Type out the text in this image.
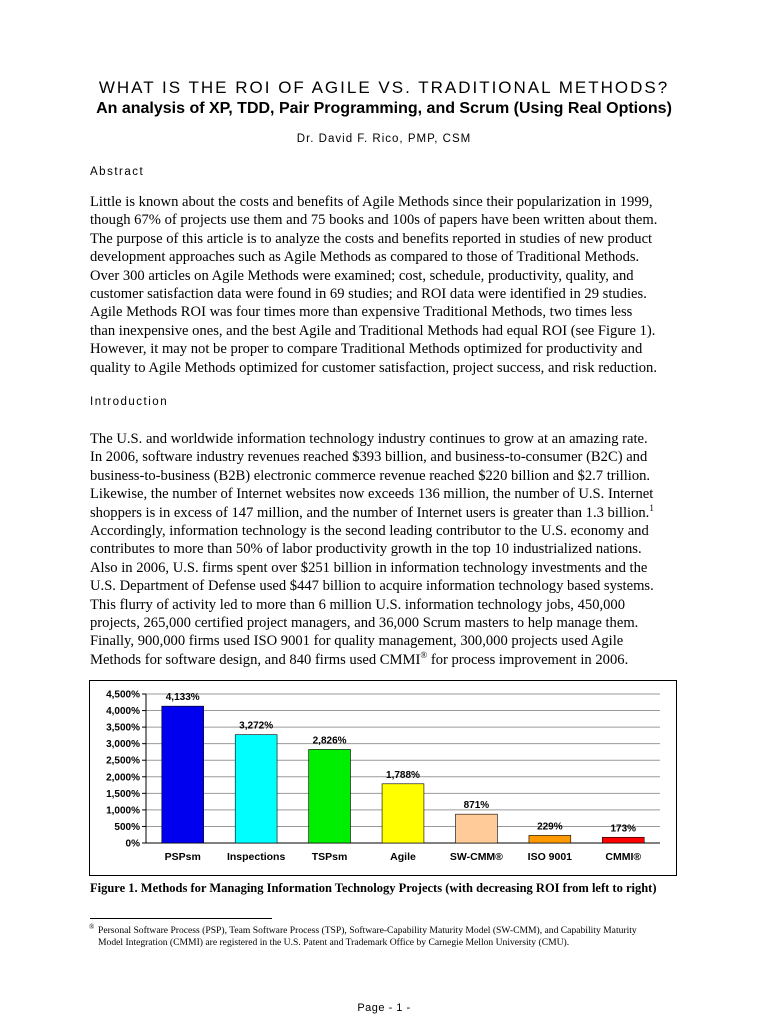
WHAT IS THE ROI OF AGILE VS. TRADITIONAL METHODS?
An analysis of XP, TDD, Pair Programming, and Scrum (Using Real Options)
Dr. David F. Rico, PMP, CSM
Abstract
Little is known about the costs and benefits of Agile Methods since their popularization in 1999,
though 67% of projects use them and 75 books and 100s of papers have been written about them.
The purpose of this article is to analyze the costs and benefits reported in studies of new product
development approaches such as Agile Methods as compared to those of Traditional Methods.
Over 300 articles on Agile Methods were examined; cost, schedule, productivity, quality, and
customer satisfaction data were found in 69 studies; and ROI data were identified in 29 studies.
Agile Methods ROI was four times more than expensive Traditional Methods, two times less
than inexpensive ones, and the best Agile and Traditional Methods had equal ROI (see Figure 1).
However, it may not be proper to compare Traditional Methods optimized for productivity and
quality to Agile Methods optimized for customer satisfaction, project success, and risk reduction.
Introduction
The U.S. and worldwide information technology industry continues to grow at an amazing rate.
In 2006, software industry revenues reached $393 billion, and business-to-consumer (B2C) and
business-to-business (B2B) electronic commerce revenue reached $220 billion and $2.7 trillion.
Likewise, the number of Internet websites now exceeds 136 million, the number of U.S. Internet
shoppers is in excess of 147 million, and the number of Internet users is greater than 1.3 billion.$^1$
Accordingly, information technology is the second leading contributor to the U.S. economy and
contributes to more than 50% of labor productivity growth in the top 10 industrialized nations.
Also in 2006, U.S. firms spent over $251 billion in information technology investments and the
U.S. Department of Defense used $447 billion to acquire information technology based systems.
This flurry of activity led to more than 6 million U.S. information technology jobs, 450,000
projects, 265,000 certified project managers, and 36,000 Scrum masters to help manage them.
Finally, 900,000 firms used ISO 9001 for quality management, 300,000 projects used Agile
Methods for software design, and 840 firms used CMMI® for process improvement in 2006.
0%
500%
1,000%
1,500%
2,000%
2,500%
3,000%
3,500%
4,000%
4,500%	4,133%
PSPsm
3,272%
Inspections
2,826%
TSPsm
1,788%
Agile
871%
SW-CMM®
229%
ISO 9001
173%
CMMI®
Figure 1. Methods for Managing Information Technology Projects (with decreasing ROI from left to right)
® Personal Software Process (PSP), Team Software Process (TSP), Software-Capability Maturity Model (SW-CMM), and Capability Maturity
Model Integration (CMMI) are registered in the U.S. Patent and Trademark Office by Carnegie Mellon University (CMU).
Page - 1 -
